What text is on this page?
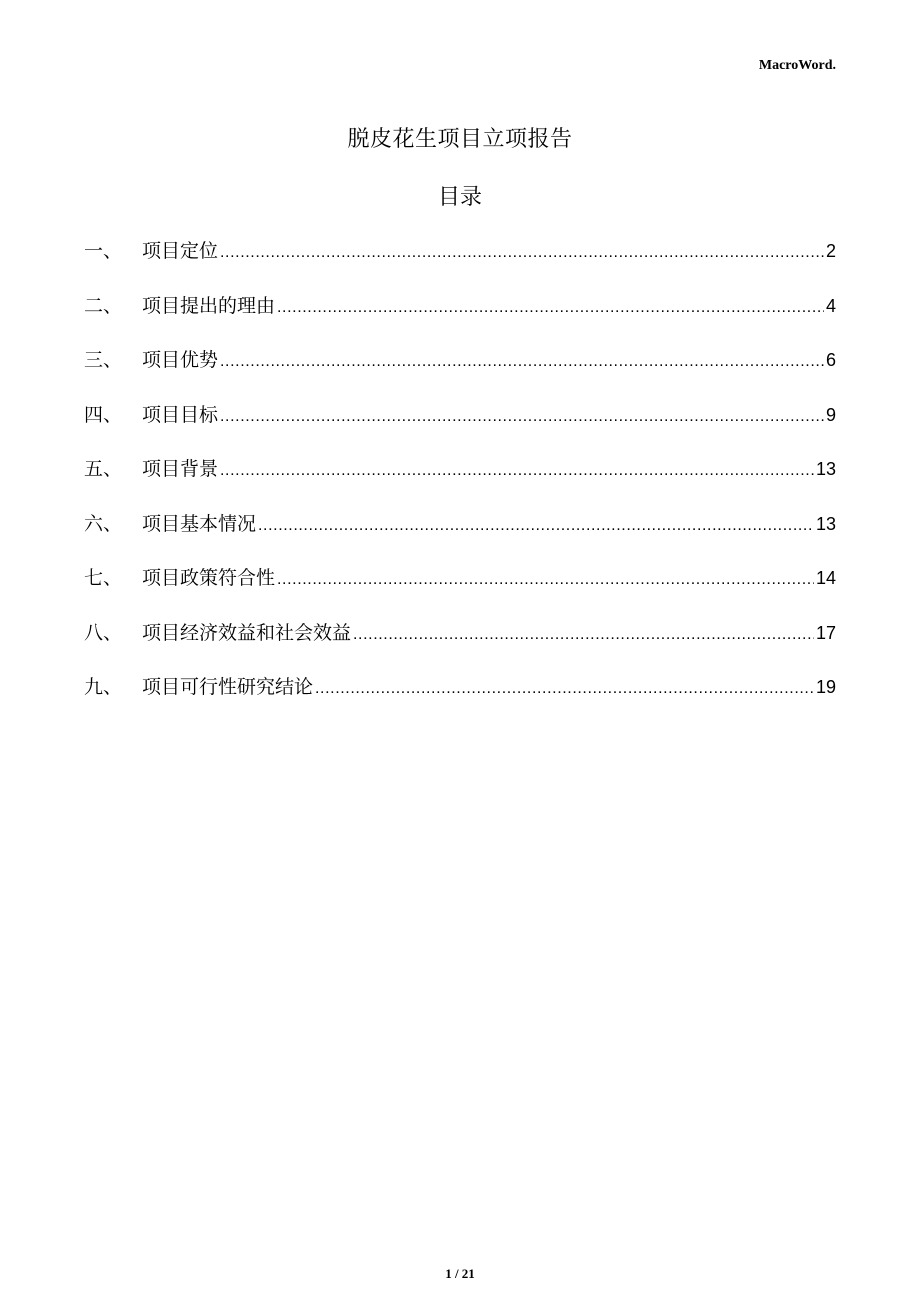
MacroWord.
脱皮花生项目立项报告
目录
一、	项目定位 .....	2
二、	项目提出的理由 .....	4
三、	项目优势 .....	6
四、	项目目标 .....	9
五、	项目背景 .....	13
六、	项目基本情况 .....	13
七、	项目政策符合性 .....	14
八、	项目经济效益和社会效益 .....	17
九、	项目可行性研究结论 .....	19
1 / 21
